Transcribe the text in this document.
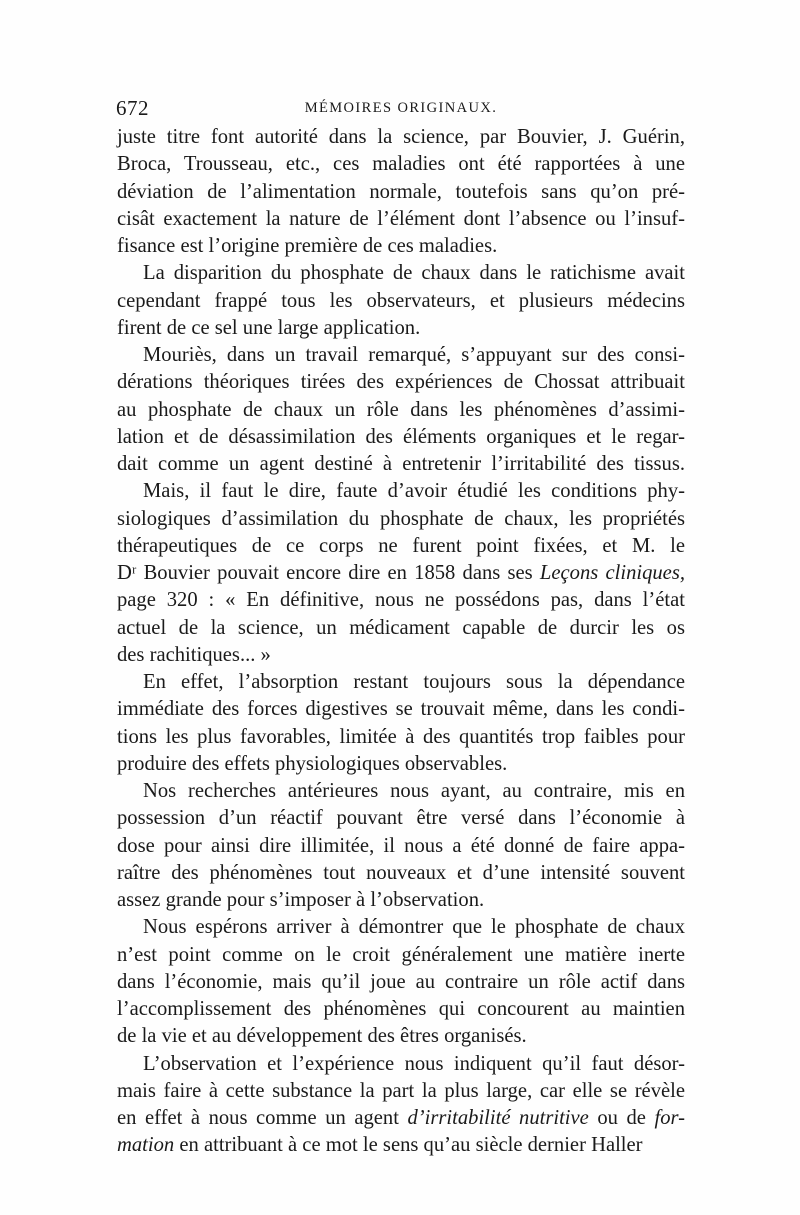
672	MÉMOIRES ORIGINAUX.
juste titre font autorité dans la science, par Bouvier, J. Guérin,
Broca, Trousseau, etc., ces maladies ont été rapportées à une
déviation de l’alimentation normale, toutefois sans qu’on pré-
cisât exactement la nature de l’élément dont l’absence ou l’insuf-
fisance est l’origine première de ces maladies.
La disparition du phosphate de chaux dans le ratichisme avait
cependant frappé tous les observateurs, et plusieurs médecins
firent de ce sel une large application.
Mouriès, dans un travail remarqué, s’appuyant sur des consi-
dérations théoriques tirées des expériences de Chossat attribuait
au phosphate de chaux un rôle dans les phénomènes d’assimi-
lation et de désassimilation des éléments organiques et le regar-
dait comme un agent destiné à entretenir l’irritabilité des tissus.
Mais, il faut le dire, faute d’avoir étudié les conditions phy-
siologiques d’assimilation du phosphate de chaux, les propriétés
thérapeutiques de ce corps ne furent point fixées, et M. le
Dʳ Bouvier pouvait encore dire en 1858 dans ses Leçons cliniques,
page 320 : « En définitive, nous ne possédons pas, dans l’état
actuel de la science, un médicament capable de durcir les os
des rachitiques... »
En effet, l’absorption restant toujours sous la dépendance
immédiate des forces digestives se trouvait même, dans les condi-
tions les plus favorables, limitée à des quantités trop faibles pour
produire des effets physiologiques observables.
Nos recherches antérieures nous ayant, au contraire, mis en
possession d’un réactif pouvant être versé dans l’économie à
dose pour ainsi dire illimitée, il nous a été donné de faire appa-
raître des phénomènes tout nouveaux et d’une intensité souvent
assez grande pour s’imposer à l’observation.
Nous espérons arriver à démontrer que le phosphate de chaux
n’est point comme on le croit généralement une matière inerte
dans l’économie, mais qu’il joue au contraire un rôle actif dans
l’accomplissement des phénomènes qui concourent au maintien
de la vie et au développement des êtres organisés.
L’observation et l’expérience nous indiquent qu’il faut désor-
mais faire à cette substance la part la plus large, car elle se révèle
en effet à nous comme un agent d’irritabilité nutritive ou de for-
mation en attribuant à ce mot le sens qu’au siècle dernier Haller
